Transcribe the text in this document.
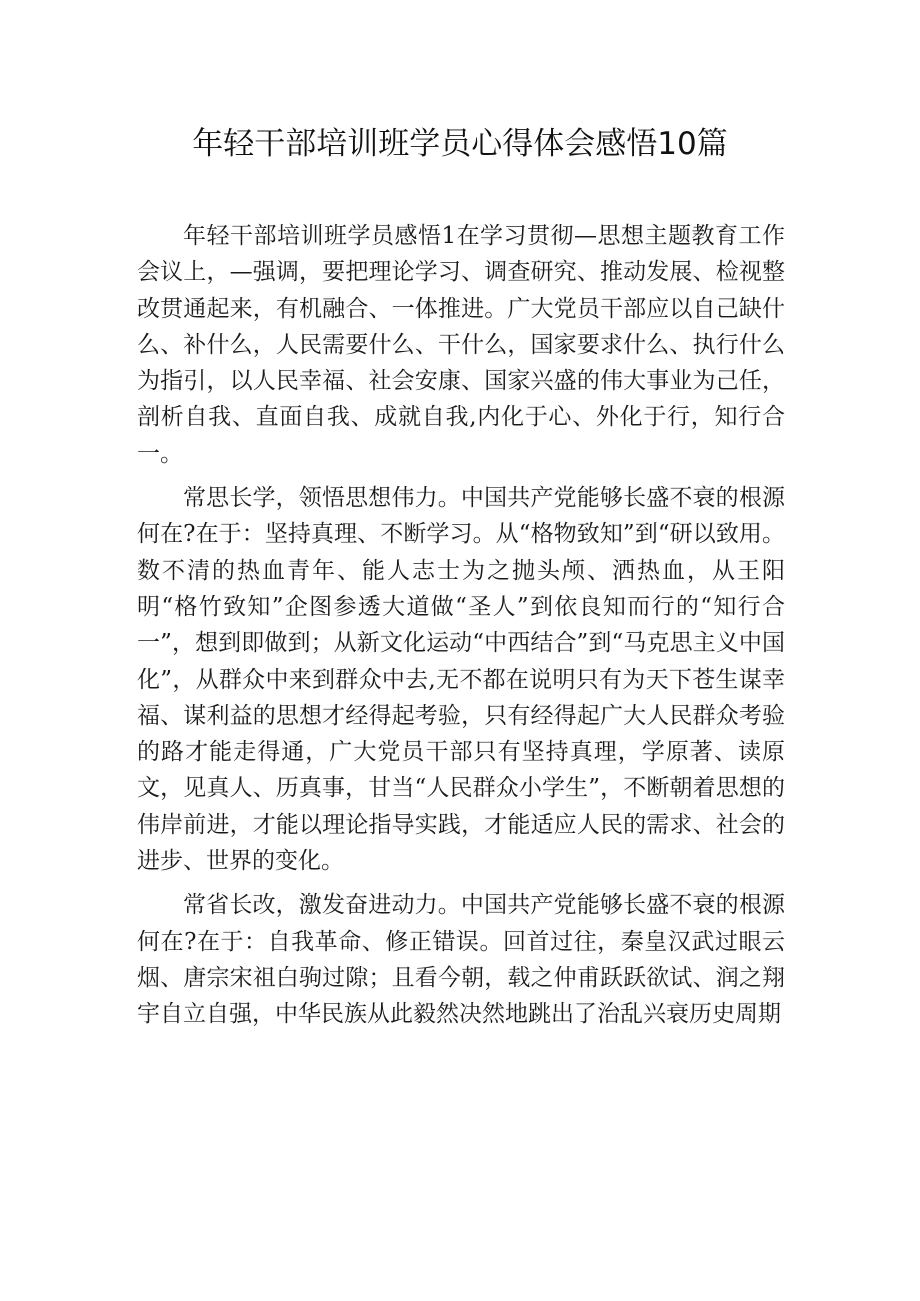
年轻干部培训班学员心得体会感悟10篇

年轻干部培训班学员感悟1在学习贯彻—思想主题教育工作会议上，—强调，要把理论学习、调查研究、推动发展、检视整改贯通起来，有机融合、一体推进。广大党员干部应以自己缺什么、补什么，人民需要什么、干什么，国家要求什么、执行什么为指引，以人民幸福、社会安康、国家兴盛的伟大事业为己任，剖析自我、直面自我、成就自我,内化于心、外化于行，知行合一。

常思长学，领悟思想伟力。中国共产党能够长盛不衰的根源何在?在于：坚持真理、不断学习。从“格物致知”到“研以致用。数不清的热血青年、能人志士为之抛头颅、洒热血，从王阳明“格竹致知”企图参透大道做“圣人”到依良知而行的“知行合一”，想到即做到；从新文化运动“中西结合”到“马克思主义中国化”，从群众中来到群众中去,无不都在说明只有为天下苍生谋幸福、谋利益的思想才经得起考验，只有经得起广大人民群众考验的路才能走得通，广大党员干部只有坚持真理，学原著、读原文，见真人、历真事，甘当“人民群众小学生”，不断朝着思想的伟岸前进，才能以理论指导实践，才能适应人民的需求、社会的进步、世界的变化。

常省长改，激发奋进动力。中国共产党能够长盛不衰的根源何在?在于：自我革命、修正错误。回首过往，秦皇汉武过眼云烟、唐宗宋祖白驹过隙；且看今朝，载之仲甫跃跃欲试、润之翔宇自立自强，中华民族从此毅然决然地跳出了治乱兴衰历史周期
